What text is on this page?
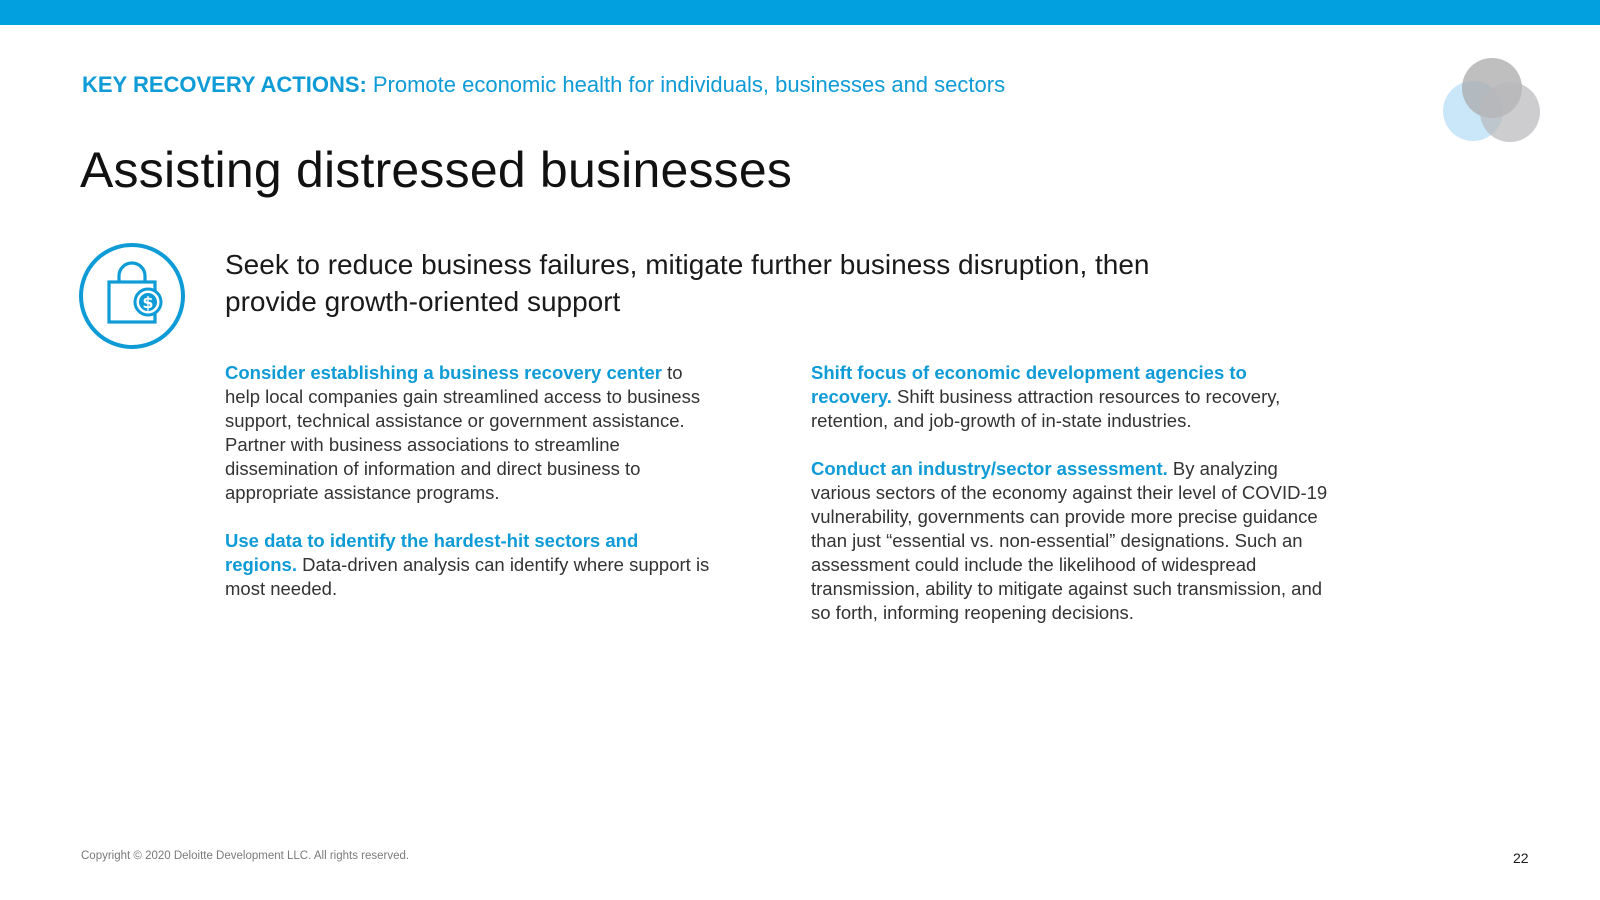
KEY RECOVERY ACTIONS: Promote economic health for individuals, businesses and sectors
Assisting distressed businesses
$
Seek to reduce business failures, mitigate further business disruption, then provide growth-oriented support

Consider establishing a business recovery center to help local companies gain streamlined access to business support, technical assistance or government assistance. Partner with business associations to streamline dissemination of information and direct business to appropriate assistance programs.

Use data to identify the hardest-hit sectors and regions. Data-driven analysis can identify where support is most needed.

Shift focus of economic development agencies to recovery. Shift business attraction resources to recovery, retention, and job-growth of in-state industries.

Conduct an industry/sector assessment. By analyzing various sectors of the economy against their level of COVID-19 vulnerability, governments can provide more precise guidance than just “essential vs. non-essential” designations. Such an assessment could include the likelihood of widespread transmission, ability to mitigate against such transmission, and so forth, informing reopening decisions.

Copyright © 2020 Deloitte Development LLC. All rights reserved.	22
